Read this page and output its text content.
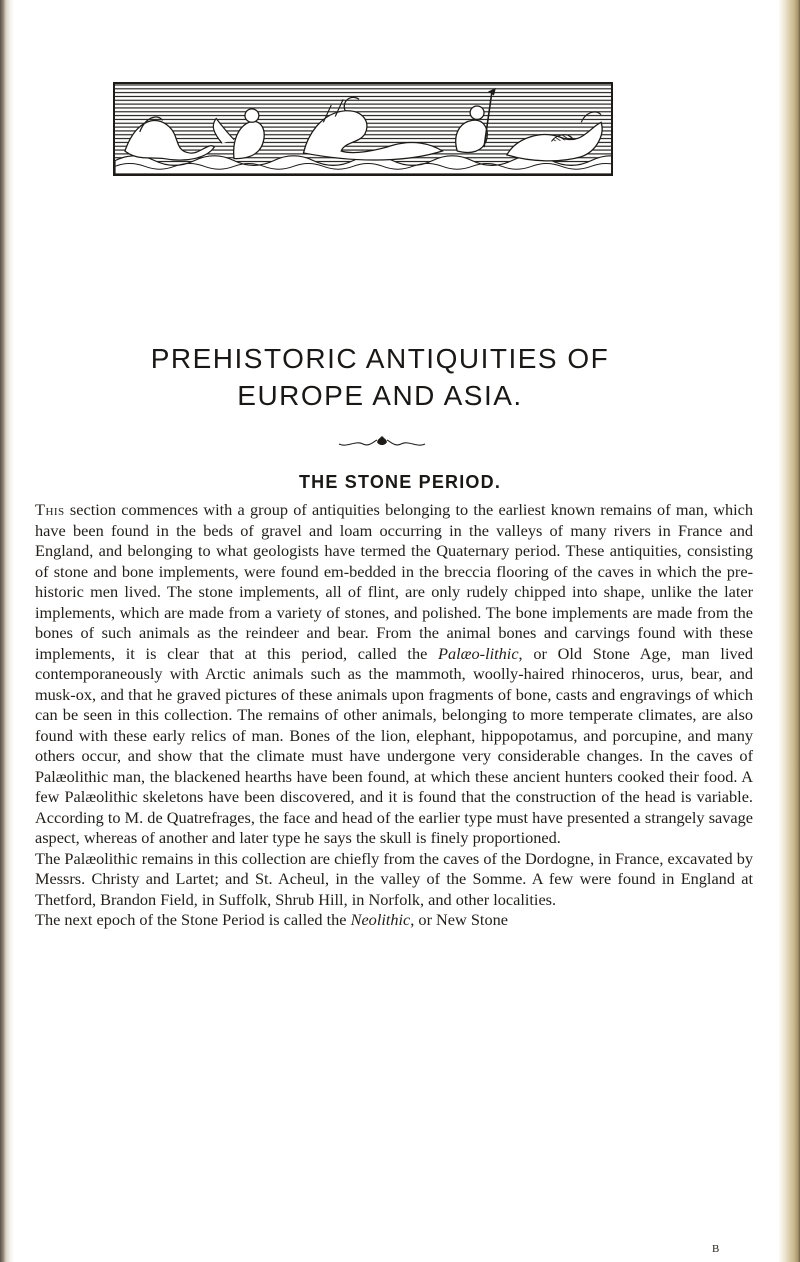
PREHISTORIC ANTIQUITIES OF
EUROPE AND ASIA.
THE STONE PERIOD.

This section commences with a group of antiquities belonging to the earliest known remains of man, which have been found in the beds of gravel and loam occurring in the valleys of many rivers in France and England, and belonging to what geologists have termed the Quaternary period. These antiquities, consisting of stone and bone implements, were found em-bedded in the breccia flooring of the caves in which the pre-historic men lived. The stone implements, all of flint, are only rudely chipped into shape, unlike the later implements, which are made from a variety of stones, and polished. The bone implements are made from the bones of such animals as the reindeer and bear. From the animal bones and carvings found with these implements, it is clear that at this period, called the Palæo-lithic, or Old Stone Age, man lived contemporaneously with Arctic animals such as the mammoth, woolly-haired rhinoceros, urus, bear, and musk-ox, and that he graved pictures of these animals upon fragments of bone, casts and engravings of which can be seen in this collection. The remains of other animals, belonging to more temperate climates, are also found with these early relics of man. Bones of the lion, elephant, hippopotamus, and porcupine, and many others occur, and show that the climate must have undergone very considerable changes. In the caves of Palæolithic man, the blackened hearths have been found, at which these ancient hunters cooked their food. A few Palæolithic skeletons have been discovered, and it is found that the construction of the head is variable. According to M. de Quatrefrages, the face and head of the earlier type must have presented a strangely savage aspect, whereas of another and later type he says the skull is finely proportioned.

The Palæolithic remains in this collection are chiefly from the caves of the Dordogne, in France, excavated by Messrs. Christy and Lartet; and St. Acheul, in the valley of the Somme. A few were found in England at Thetford, Brandon Field, in Suffolk, Shrub Hill, in Norfolk, and other localities.

The next epoch of the Stone Period is called the Neolithic, or New Stone

B
